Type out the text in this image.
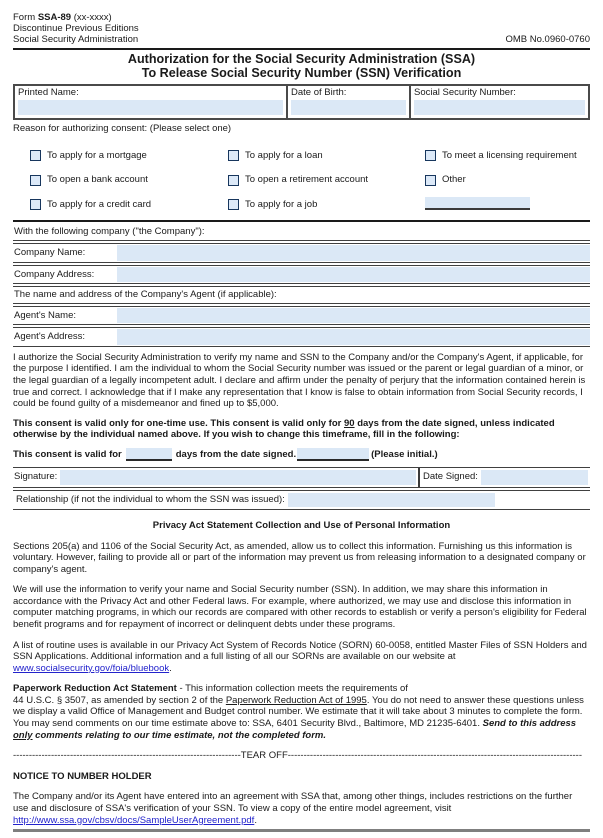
Form SSA-89 (xx-xxxx)
Discontinue Previous Editions
Social Security Administration	OMB No.0960-0760
Authorization for the Social Security Administration (SSA)
To Release Social Security Number (SSN) Verification
Printed Name:	Date of Birth:	Social Security Number:
Reason for authorizing consent: (Please select one)
To apply for a mortgage	To apply for a loan	To meet a licensing requirement
To open a bank account	To open a retirement account	Other
To apply for a credit card	To apply for a job
With the following company ("the Company"):
Company Name:
Company Address:
The name and address of the Company's Agent (if applicable):
Agent's Name:
Agent's Address:
I authorize the Social Security Administration to verify my name and SSN to the Company and/or the Company's Agent, if applicable, for the purpose I identified. I am the individual to whom the Social Security number was issued or the parent or legal guardian of a minor, or the legal guardian of a legally incompetent adult. I declare and affirm under the penalty of perjury that the information contained herein is true and correct. I acknowledge that if I make any representation that I know is false to obtain information from Social Security records, I could be found guilty of a misdemeanor and fined up to $5,000.
This consent is valid only for one-time use. This consent is valid only for 90 days from the date signed, unless indicated otherwise by the individual named above. If you wish to change this timeframe, fill in the following:
This consent is valid for	days from the date signed.	(Please initial.)
Signature:	Date Signed:
Relationship (if not the individual to whom the SSN was issued):
Privacy Act Statement Collection and Use of Personal Information
Sections 205(a) and 1106 of the Social Security Act, as amended, allow us to collect this information. Furnishing us this information is voluntary. However, failing to provide all or part of the information may prevent us from releasing information to a designated company or company's agent.
We will use the information to verify your name and Social Security number (SSN). In addition, we may share this information in accordance with the Privacy Act and other Federal laws. For example, where authorized, we may use and disclose this information in computer matching programs, in which our records are compared with other records to establish or verify a person's eligibility for Federal benefit programs and for repayment of incorrect or delinquent debts under these programs.
A list of routine uses is available in our Privacy Act System of Records Notice (SORN) 60-0058, entitled Master Files of SSN Holders and SSN Applications. Additional information and a full listing of all our SORNs are available on our website at www.socialsecurity.gov/foia/bluebook.
Paperwork Reduction Act Statement - This information collection meets the requirements of
44 U.S.C. § 3507, as amended by section 2 of the Paperwork Reduction Act of 1995. You do not need to answer these questions unless we display a valid Office of Management and Budget control number. We estimate that it will take about 3 minutes to complete the form. You may send comments on our time estimate above to: SSA, 6401 Security Blvd., Baltimore, MD 21235-6401. Send to this address only comments relating to our time estimate, not the completed form.
------------------------------------------------------------------------TEAR OFF---------------------------------------------------------------------------------------------
NOTICE TO NUMBER HOLDER
The Company and/or its Agent have entered into an agreement with SSA that, among other things, includes restrictions on the further use and disclosure of SSA's verification of your SSN. To view a copy of the entire model agreement, visit http://www.ssa.gov/cbsv/docs/SampleUserAgreement.pdf.
